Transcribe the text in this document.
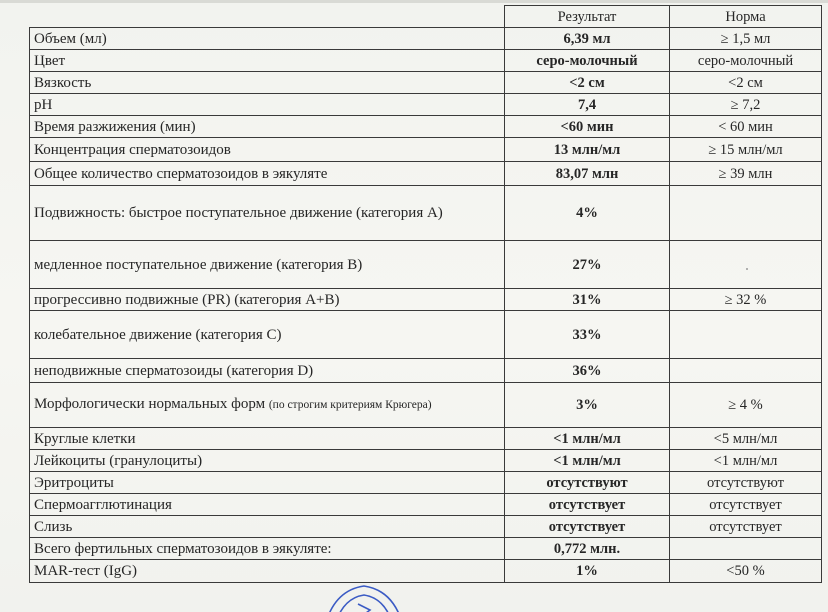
	Результат	Норма
Объем (мл)	6,39 мл	≥ 1,5 мл
Цвет	серо-молочный	серо-молочный
Вязкость	<2 см	<2 см
pH	7,4	≥ 7,2
Время разжижения (мин)	<60 мин	< 60 мин
Концентрация сперматозоидов	13 млн/мл	≥ 15 млн/мл
Общее количество сперматозоидов в эякуляте	83,07 млн	≥ 39 млн
Подвижность: быстрое поступательное движение (категория А)	4%	
медленное поступательное движение (категория В)	27%	

прогрессивно подвижные (PR) (категория А+В)	31%	≥ 32 %
колебательное движение (категория С)	33%	
неподвижные сперматозоиды (категория D)	36%	
Морфологически нормальных форм (по строгим критериям Крюгера)	3%	≥ 4 %
Круглые клетки	<1 млн/мл	<5 млн/мл
Лейкоциты (гранулоциты)	<1 млн/мл	<1 млн/мл
Эритроциты	отсутствуют	отсутствуют
Спермоагглютинация	отсутствует	отсутствует
Слизь	отсутствует	отсутствует
Всего фертильных сперматозоидов в эякуляте:	0,772 млн.	
MAR-тест (IgG)	1%	<50 %
